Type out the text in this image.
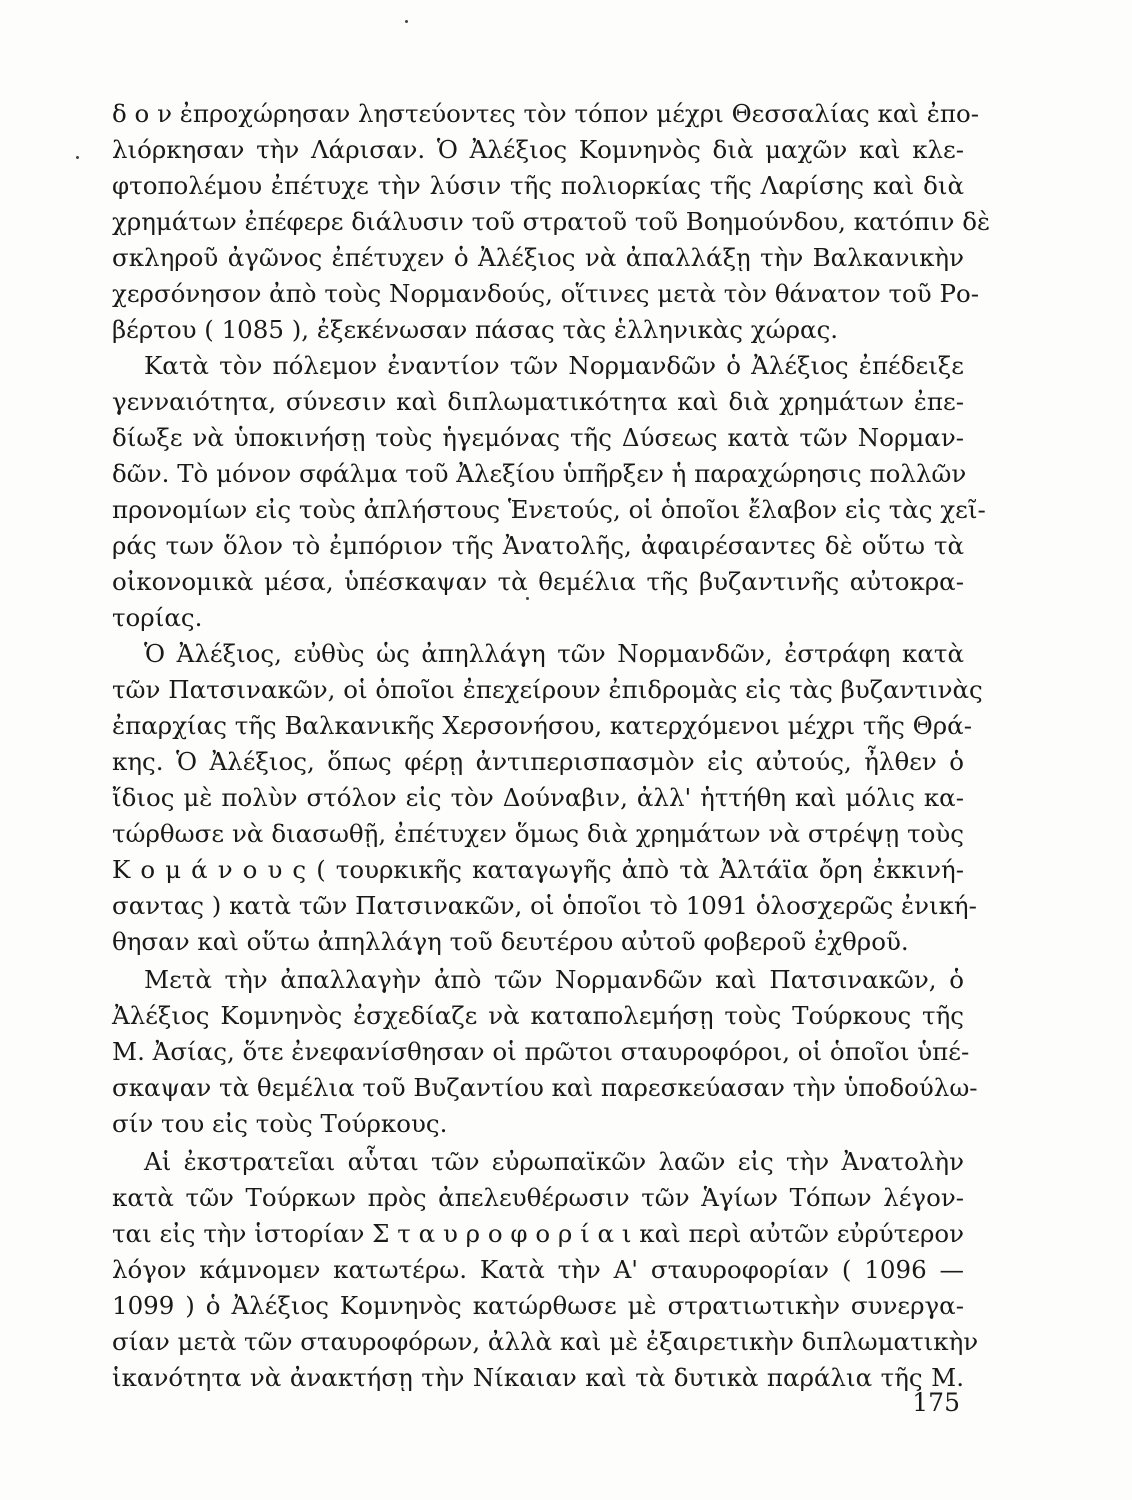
δ ο ν ἐπροχώρησαν ληστεύοντες τὸν τόπον μέχρι Θεσσαλίας καὶ ἐπο-
λιόρκησαν τὴν Λάρισαν. Ὁ Ἀλέξιος Κομνηνὸς διὰ μαχῶν καὶ κλε-
φτοπολέμου ἐπέτυχε τὴν λύσιν τῆς πολιορκίας τῆς Λαρίσης καὶ διὰ
χρημάτων ἐπέφερε διάλυσιν τοῦ στρατοῦ τοῦ Βοημούνδου, κατόπιν δὲ
σκληροῦ ἀγῶνος ἐπέτυχεν ὁ Ἀλέξιος νὰ ἀπαλλάξῃ τὴν Βαλκανικὴν
χερσόνησον ἀπὸ τοὺς Νορμανδούς, οἵτινες μετὰ τὸν θάνατον τοῦ Ρο-
βέρτου ( 1085 ), ἐξεκένωσαν πάσας τὰς ἑλληνικὰς χώρας.
Κατὰ τὸν πόλεμον ἐναντίον τῶν Νορμανδῶν ὁ Ἀλέξιος ἐπέδειξε
γενναιότητα, σύνεσιν καὶ διπλωματικότητα καὶ διὰ χρημάτων ἐπε-
δίωξε νὰ ὑποκινήσῃ τοὺς ἡγεμόνας τῆς Δύσεως κατὰ τῶν Νορμαν-
δῶν. Τὸ μόνον σφάλμα τοῦ Ἀλεξίου ὑπῆρξεν ἡ παραχώρησις πολλῶν
προνομίων εἰς τοὺς ἀπλήστους Ἑνετούς, οἱ ὁποῖοι ἔλαβον εἰς τὰς χεῖ-
ράς των ὅλον τὸ ἐμπόριον τῆς Ἀνατολῆς, ἀφαιρέσαντες δὲ οὕτω τὰ
οἰκονομικὰ μέσα, ὑπέσκαψαν τὰ θεμέλια τῆς βυζαντινῆς αὐτοκρα-
τορίας.
Ὁ Ἀλέξιος, εὐθὺς ὡς ἀπηλλάγη τῶν Νορμανδῶν, ἐστράφη κατὰ
τῶν Πατσινακῶν, οἱ ὁποῖοι ἐπεχείρουν ἐπιδρομὰς εἰς τὰς βυζαντινὰς
ἐπαρχίας τῆς Βαλκανικῆς Χερσονήσου, κατερχόμενοι μέχρι τῆς Θρά-
κης. Ὁ Ἀλέξιος, ὅπως φέρῃ ἀντιπερισπασμὸν εἰς αὐτούς, ἦλθεν ὁ
ἴδιος μὲ πολὺν στόλον εἰς τὸν Δούναβιν, ἀλλ' ἡττήθη καὶ μόλις κα-
τώρθωσε νὰ διασωθῇ, ἐπέτυχεν ὅμως διὰ χρημάτων νὰ στρέψῃ τοὺς
Κ ο μ ά ν ο υ ς ( τουρκικῆς καταγωγῆς ἀπὸ τὰ Ἀλτάϊα ὄρη ἐκκινή-
σαντας ) κατὰ τῶν Πατσινακῶν, οἱ ὁποῖοι τὸ 1091 ὁλοσχερῶς ἐνική-
θησαν καὶ οὕτω ἀπηλλάγη τοῦ δευτέρου αὐτοῦ φοβεροῦ ἐχθροῦ.
Μετὰ τὴν ἀπαλλαγὴν ἀπὸ τῶν Νορμανδῶν καὶ Πατσινακῶν, ὁ
Ἀλέξιος Κομνηνὸς ἐσχεδίαζε νὰ καταπολεμήσῃ τοὺς Τούρκους τῆς
Μ. Ἀσίας, ὅτε ἐνεφανίσθησαν οἱ πρῶτοι σταυροφόροι, οἱ ὁποῖοι ὑπέ-
σκαψαν τὰ θεμέλια τοῦ Βυζαντίου καὶ παρεσκεύασαν τὴν ὑποδούλω-
σίν του εἰς τοὺς Τούρκους.
Αἱ ἐκστρατεῖαι αὗται τῶν εὐρωπαϊκῶν λαῶν εἰς τὴν Ἀνατολὴν
κατὰ τῶν Τούρκων πρὸς ἀπελευθέρωσιν τῶν Ἁγίων Τόπων λέγον-
ται εἰς τὴν ἱστορίαν Σ τ α υ ρ ο φ ο ρ ί α ι καὶ περὶ αὐτῶν εὐρύτερον
λόγον κάμνομεν κατωτέρω. Κατὰ τὴν Α' σταυροφορίαν ( 1096 —
1099 ) ὁ Ἀλέξιος Κομνηνὸς κατώρθωσε μὲ στρατιωτικὴν συνεργα-
σίαν μετὰ τῶν σταυροφόρων, ἀλλὰ καὶ μὲ ἐξαιρετικὴν διπλωματικὴν
ἱκανότητα νὰ ἀνακτήσῃ τὴν Νίκαιαν καὶ τὰ δυτικὰ παράλια τῆς Μ.
175
